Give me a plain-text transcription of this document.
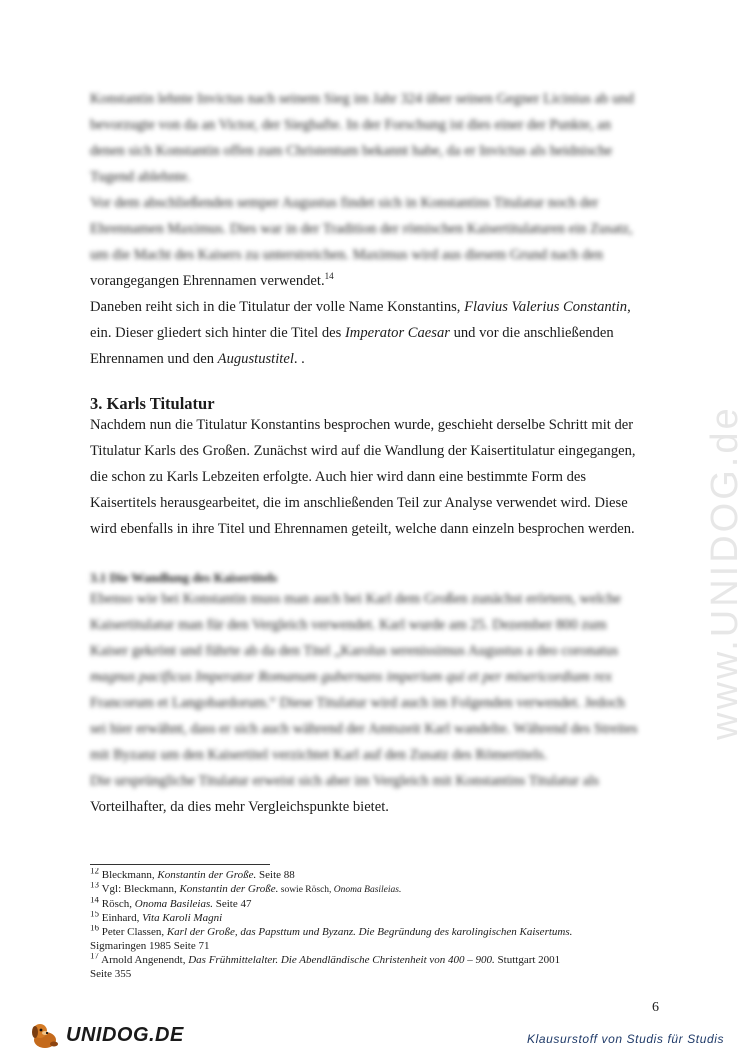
www.UNIDOG.de
Konstantin lehnte Invictus nach seinem Sieg im Jahr 324 über seinen Gegner Licinius ab und
bevorzugte von da an Victor, der Siegbafte. In der Forschung ist dies einer der Punkte, an
denen sich Konstantin offen zum Christentum bekannt habe, da er Invictus als heidnische
Tugend ablehnte.
Vor dem abschließenden semper Augustus findet sich in Konstantins Titulatur noch der
Ehrennamen Maximus. Dies war in der Tradition der römischen Kaisertitulaturen ein Zusatz,
um die Macht des Kaisers zu unterstreichen. Maximus wird aus diesem Grund nach den
vorangegangen Ehrennamen verwendet.$^{14}$
Daneben reiht sich in die Titulatur der volle Name Konstantins, Flavius Valerius Constantin,
ein. Dieser gliedert sich hinter die Titel des Imperator Caesar und vor die anschließenden
Ehrennamen und den Augustustitel. .
3. Karls Titulatur
Nachdem nun die Titulatur Konstantins besprochen wurde, geschieht derselbe Schritt mit der
Titulatur Karls des Großen. Zunächst wird auf die Wandlung der Kaisertitulatur eingegangen,
die schon zu Karls Lebzeiten erfolgte. Auch hier wird dann eine bestimmte Form des
Kaisertitels herausgearbeitet, die im anschließenden Teil zur Analyse verwendet wird. Diese
wird ebenfalls in ihre Titel und Ehrennamen geteilt, welche dann einzeln besprochen werden.
3.1 Die Wandlung des Kaisertitels
Ebenso wie bei Konstantin muss man auch bei Karl dem Großen zunächst erörtern, welche
Kaisertitulatur man für den Vergleich verwendet. Karl wurde am 25. Dezember 800 zum
Kaiser gekrönt und führte ab da den Titel „Karolus serenissimus Augustus a deo coronatus
magnus pacificus Imperator Romanum gubernans imperium qui et per misericordiam rex
Francorum et Langobardorum.“ Diese Titulatur wird auch im Folgenden verwendet. Jedoch
sei hier erwähnt, dass er sich auch während der Amtszeit Karl wandelte. Während des Streites
mit Byzanz um den Kaisertitel verzichtet Karl auf den Zusatz des Römertitels.
Die ursprüngliche Titulatur erweist sich aber im Vergleich mit Konstantins Titulatur als
Vorteilhafter, da dies mehr Vergleichspunkte bietet.
$^{12}$ Bleckmann, Konstantin der Große. Seite 88
$^{13}$ Vgl: Bleckmann, Konstantin der Große. sowie Rösch, Onoma Basileias.
$^{14}$ Rösch, Onoma Basileias. Seite 47
$^{15}$ Einhard, Vita Karoli Magni
$^{16}$ Peter Classen, Karl der Große, das Papsttum und Byzanz. Die Begründung des karolingischen Kaisertums.
Sigmaringen 1985 Seite 71
$^{17}$ Arnold Angenendt, Das Frühmittelalter. Die Abendländische Christenheit von 400 – 900. Stuttgart 2001
Seite 355
6
UNIDOG.DE	Klausurstoff von Studis für Studis
